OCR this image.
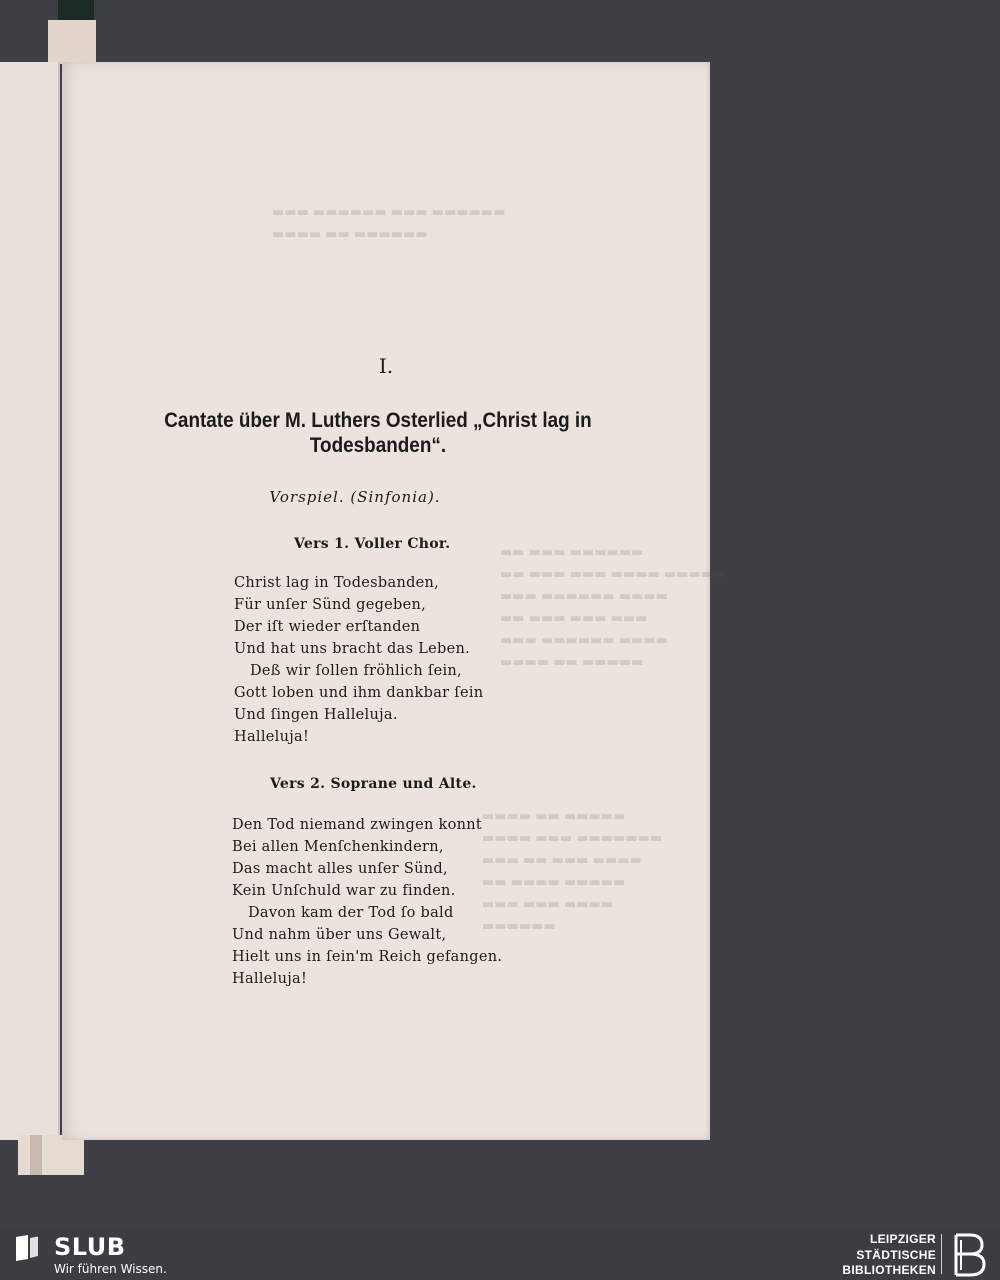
▬▬▬ ▬▬▬▬▬▬ ▬▬▬ ▬▬▬▬▬▬
▬▬▬▬ ▬▬ ▬▬▬▬▬▬
▬▬ ▬▬▬ ▬▬▬▬▬▬
▬▬ ▬▬▬ ▬▬▬ ▬▬▬▬ ▬▬▬▬▬
▬▬▬ ▬▬▬▬▬▬ ▬▬▬▬
▬▬ ▬▬▬ ▬▬▬ ▬▬▬
▬▬▬ ▬▬▬▬▬▬ ▬▬▬▬
▬▬▬▬ ▬▬ ▬▬▬▬▬
▬▬▬▬ ▬▬ ▬▬▬▬▬
▬▬▬▬ ▬▬▬ ▬▬▬▬▬▬▬
▬▬▬ ▬▬ ▬▬▬ ▬▬▬▬
▬▬ ▬▬▬▬ ▬▬▬▬▬
▬▬▬ ▬▬▬ ▬▬▬▬
▬▬▬▬▬▬
I.
Cantate über M. Luthers Osterlied „Christ lag in Todesbanden“.
Vorspiel. (Sinfonia).
Vers 1. Voller Chor.
Christ lag in Todesbanden,
Für unſer Sünd gegeben,
Der iſt wieder erſtanden
Und hat uns bracht das Leben.
Deß wir ſollen fröhlich ſein,
Gott loben und ihm dankbar ſein
Und ſingen Halleluja.
Halleluja!
Vers 2. Soprane und Alte.
Den Tod niemand zwingen konnt
Bei allen Menſchenkindern,
Das macht alles unſer Sünd,
Kein Unſchuld war zu finden.
Davon kam der Tod ſo bald
Und nahm über uns Gewalt,
Hielt uns in ſein'm Reich gefangen.
Halleluja!
SLUB
Wir führen Wissen.
LEIPZIGER
STÄDTISCHE
BIBLIOTHEKEN
